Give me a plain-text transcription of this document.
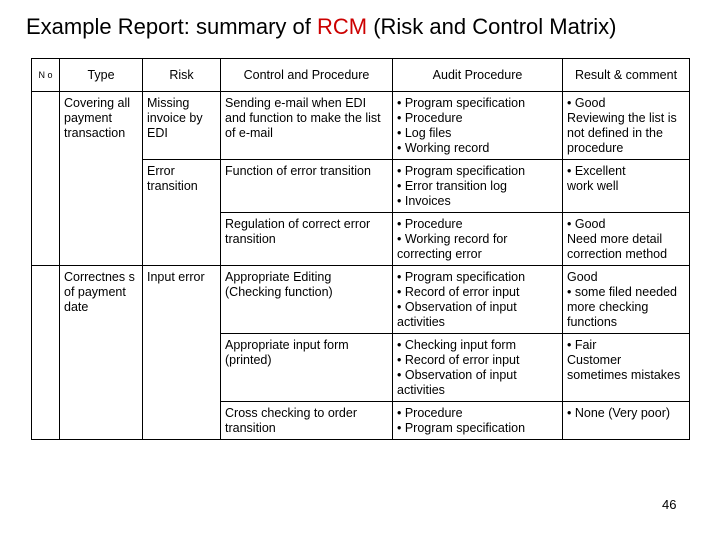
Example Report: summary of RCM (Risk and Control Matrix)
N o	Type	Risk	Control and Procedure	Audit Procedure	Result & comment
	Covering all payment transaction	Missing invoice by EDI	Sending e-mail when EDI and function to make the list of e-mail	• Program specification
• Procedure
• Log files
• Working record	• Good
Reviewing the list is not defined in the procedure

		Error transition	Function of error transition	• Program specification
• Error transition log
• Invoices	• Excellent
work well

			Regulation of correct error transition	• Procedure
• Working record for correcting error	• Good
Need more detail correction method

	Correctnes s of payment date	Input error	Appropriate Editing (Checking function)	• Program specification
• Record of error input
• Observation of input activities	Good
• some filed needed more checking functions

			Appropriate input form (printed)	• Checking input form
• Record of error input
• Observation of input activities	• Fair
Customer sometimes mistakes

			Cross checking to order transition	• Procedure
• Program specification	• None (Very poor)
46
